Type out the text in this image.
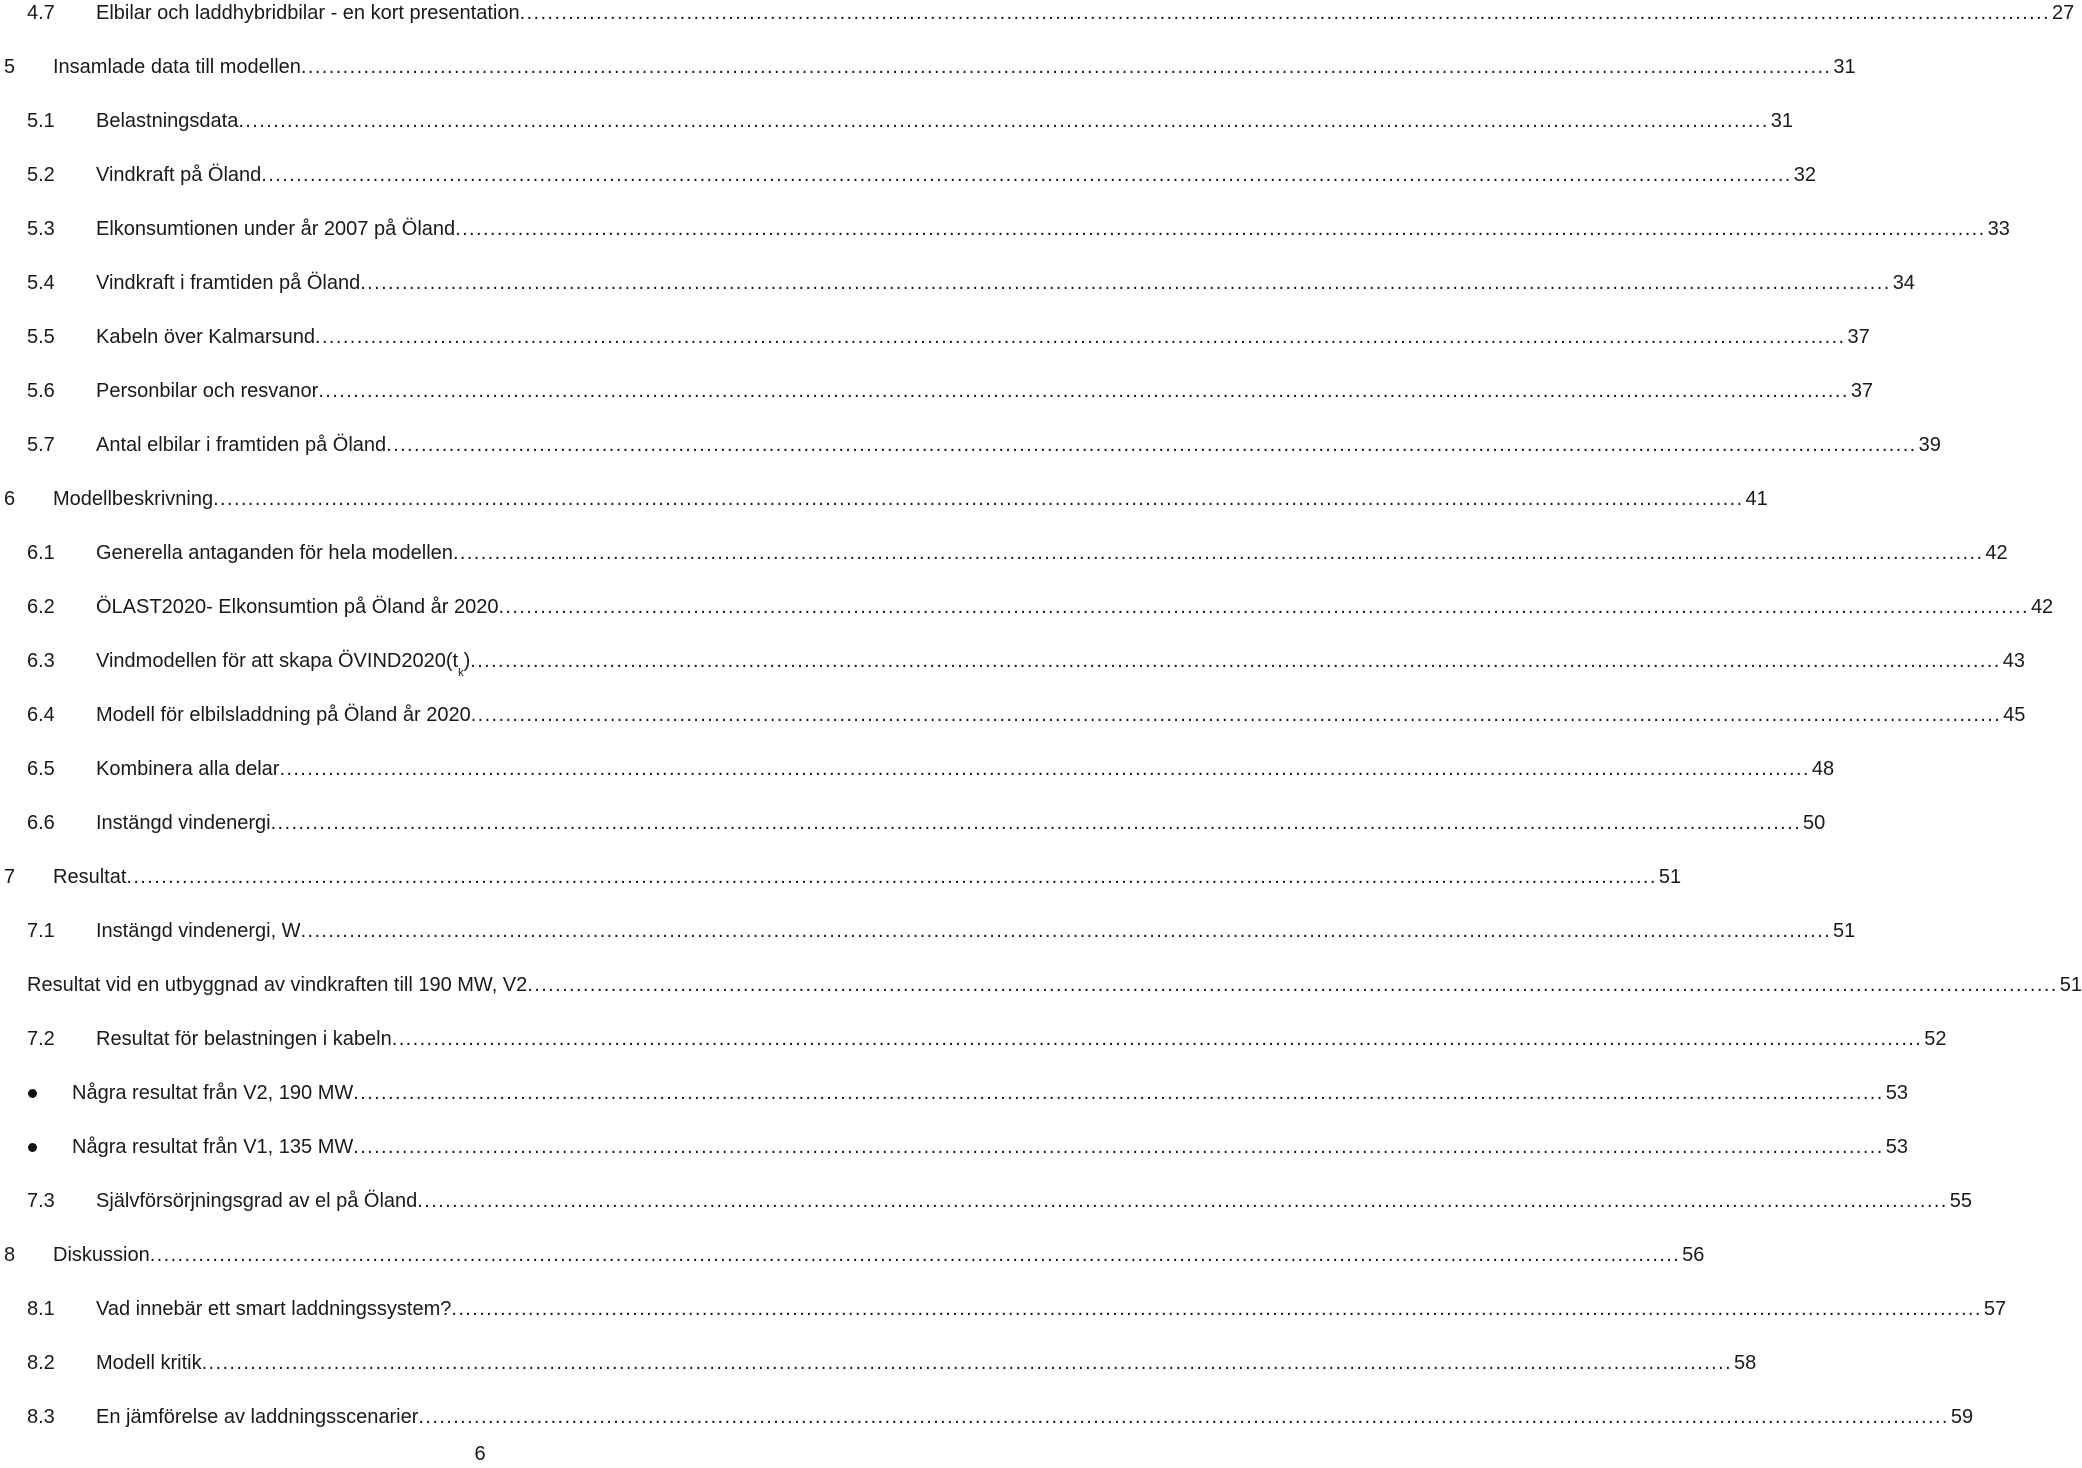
4.7 Elbilar och laddhybridbilar - en kort presentation ............................................................................................................................................................................................................................ 27
5 Insamlade data till modellen ............................................................................................................................................................................................................................ 31
5.1 Belastningsdata ............................................................................................................................................................................................................................ 31
5.2 Vindkraft på Öland ............................................................................................................................................................................................................................ 32
5.3 Elkonsumtionen under år 2007 på Öland ............................................................................................................................................................................................................................ 33
5.4 Vindkraft i framtiden på Öland ............................................................................................................................................................................................................................ 34
5.5 Kabeln över Kalmarsund ............................................................................................................................................................................................................................ 37
5.6 Personbilar och resvanor ............................................................................................................................................................................................................................ 37
5.7 Antal elbilar i framtiden på Öland ............................................................................................................................................................................................................................ 39
6 Modellbeskrivning ............................................................................................................................................................................................................................ 41
6.1 Generella antaganden för hela modellen ............................................................................................................................................................................................................................ 42
6.2 ÖLAST2020- Elkonsumtion på Öland år 2020 ............................................................................................................................................................................................................................ 42
6.3 Vindmodellen för att skapa ÖVIND2020(t
k
) ............................................................................................................................................................................................................................ 43
6.4 Modell för elbilsladdning på Öland år 2020 ............................................................................................................................................................................................................................ 45
6.5 Kombinera alla delar ............................................................................................................................................................................................................................ 48
6.6 Instängd vindenergi ............................................................................................................................................................................................................................ 50
7 Resultat ............................................................................................................................................................................................................................ 51
7.1 Instängd vindenergi, W ............................................................................................................................................................................................................................ 51
Resultat vid en utbyggnad av vindkraften till 190 MW, V2 ............................................................................................................................................................................................................................ 51
7.2 Resultat för belastningen i kabeln ............................................................................................................................................................................................................................ 52
Några resultat från V2, 190 MW ............................................................................................................................................................................................................................ 53
Några resultat från V1, 135 MW ............................................................................................................................................................................................................................ 53
7.3 Självförsörjningsgrad av el på Öland ............................................................................................................................................................................................................................ 55
8 Diskussion ............................................................................................................................................................................................................................ 56
8.1 Vad innebär ett smart laddningssystem? ............................................................................................................................................................................................................................ 57
8.2 Modell kritik ............................................................................................................................................................................................................................ 58
8.3 En jämförelse av laddningsscenarier ............................................................................................................................................................................................................................ 59
6
